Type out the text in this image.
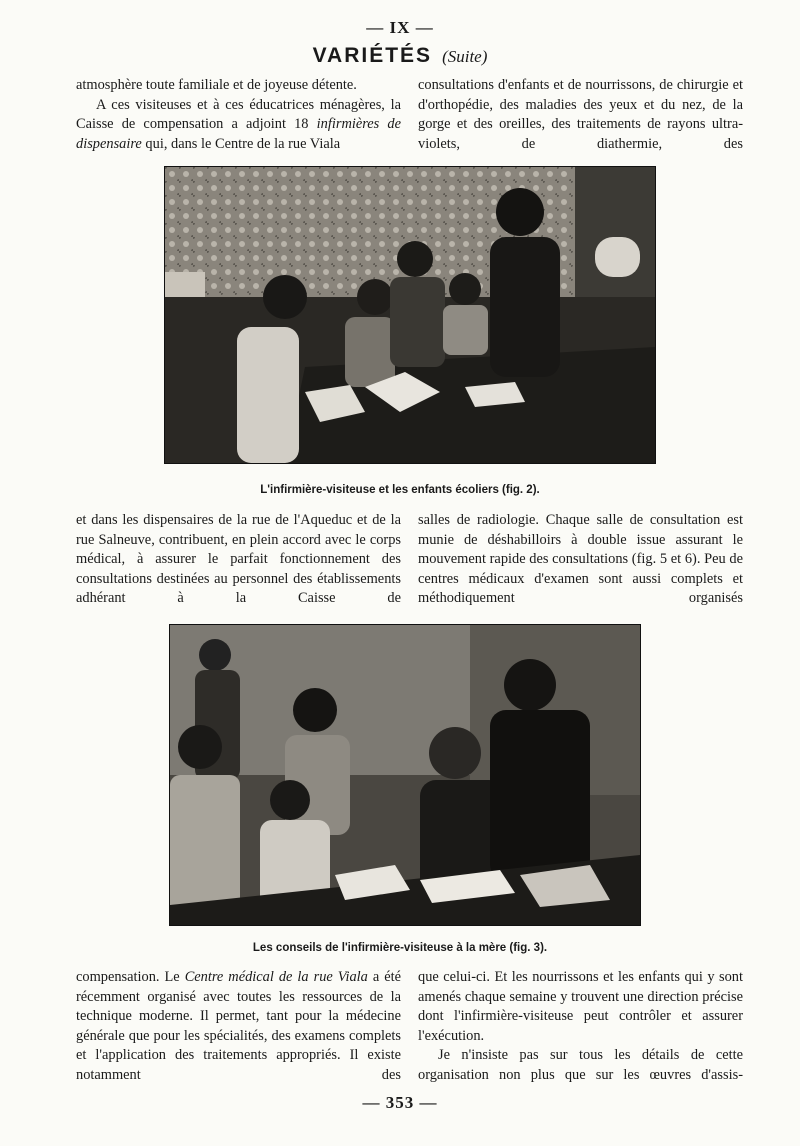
— IX —
VARIÉTÉS (Suite)

atmosphère toute familiale et de joyeuse détente.

A ces visiteuses et à ces éducatrices ménagères, la Caisse de compensation a adjoint 18 infirmières de dispensaire qui, dans le Centre de la rue Viala

consultations d'enfants et de nourrissons, de chirurgie et d'orthopédie, des maladies des yeux et du nez, de la gorge et des oreilles, des traitements de rayons ultra-violets, de diathermie, des

L'infirmière-visiteuse et les enfants écoliers (fig. 2).

et dans les dispensaires de la rue de l'Aqueduc et de la rue Salneuve, contribuent, en plein accord avec le corps médical, à assurer le parfait fonctionnement des consultations destinées au personnel des établissements adhérant à la Caisse de

salles de radiologie. Chaque salle de consultation est munie de déshabilloirs à double issue assurant le mouvement rapide des consultations (fig. 5 et 6). Peu de centres médicaux d'examen sont aussi complets et méthodiquement organisés

Les conseils de l'infirmière-visiteuse à la mère (fig. 3).

compensation. Le Centre médical de la rue Viala a été récemment organisé avec toutes les ressources de la technique moderne. Il permet, tant pour la médecine générale que pour les spécialités, des examens complets et l'application des traitements appropriés. Il existe notamment des

que celui-ci. Et les nourrissons et les enfants qui y sont amenés chaque semaine y trouvent une direction précise dont l'infirmière-visiteuse peut contrôler et assurer l'exécution.

Je n'insiste pas sur tous les détails de cette organisation non plus que sur les œuvres d'assis-

— 353 —
